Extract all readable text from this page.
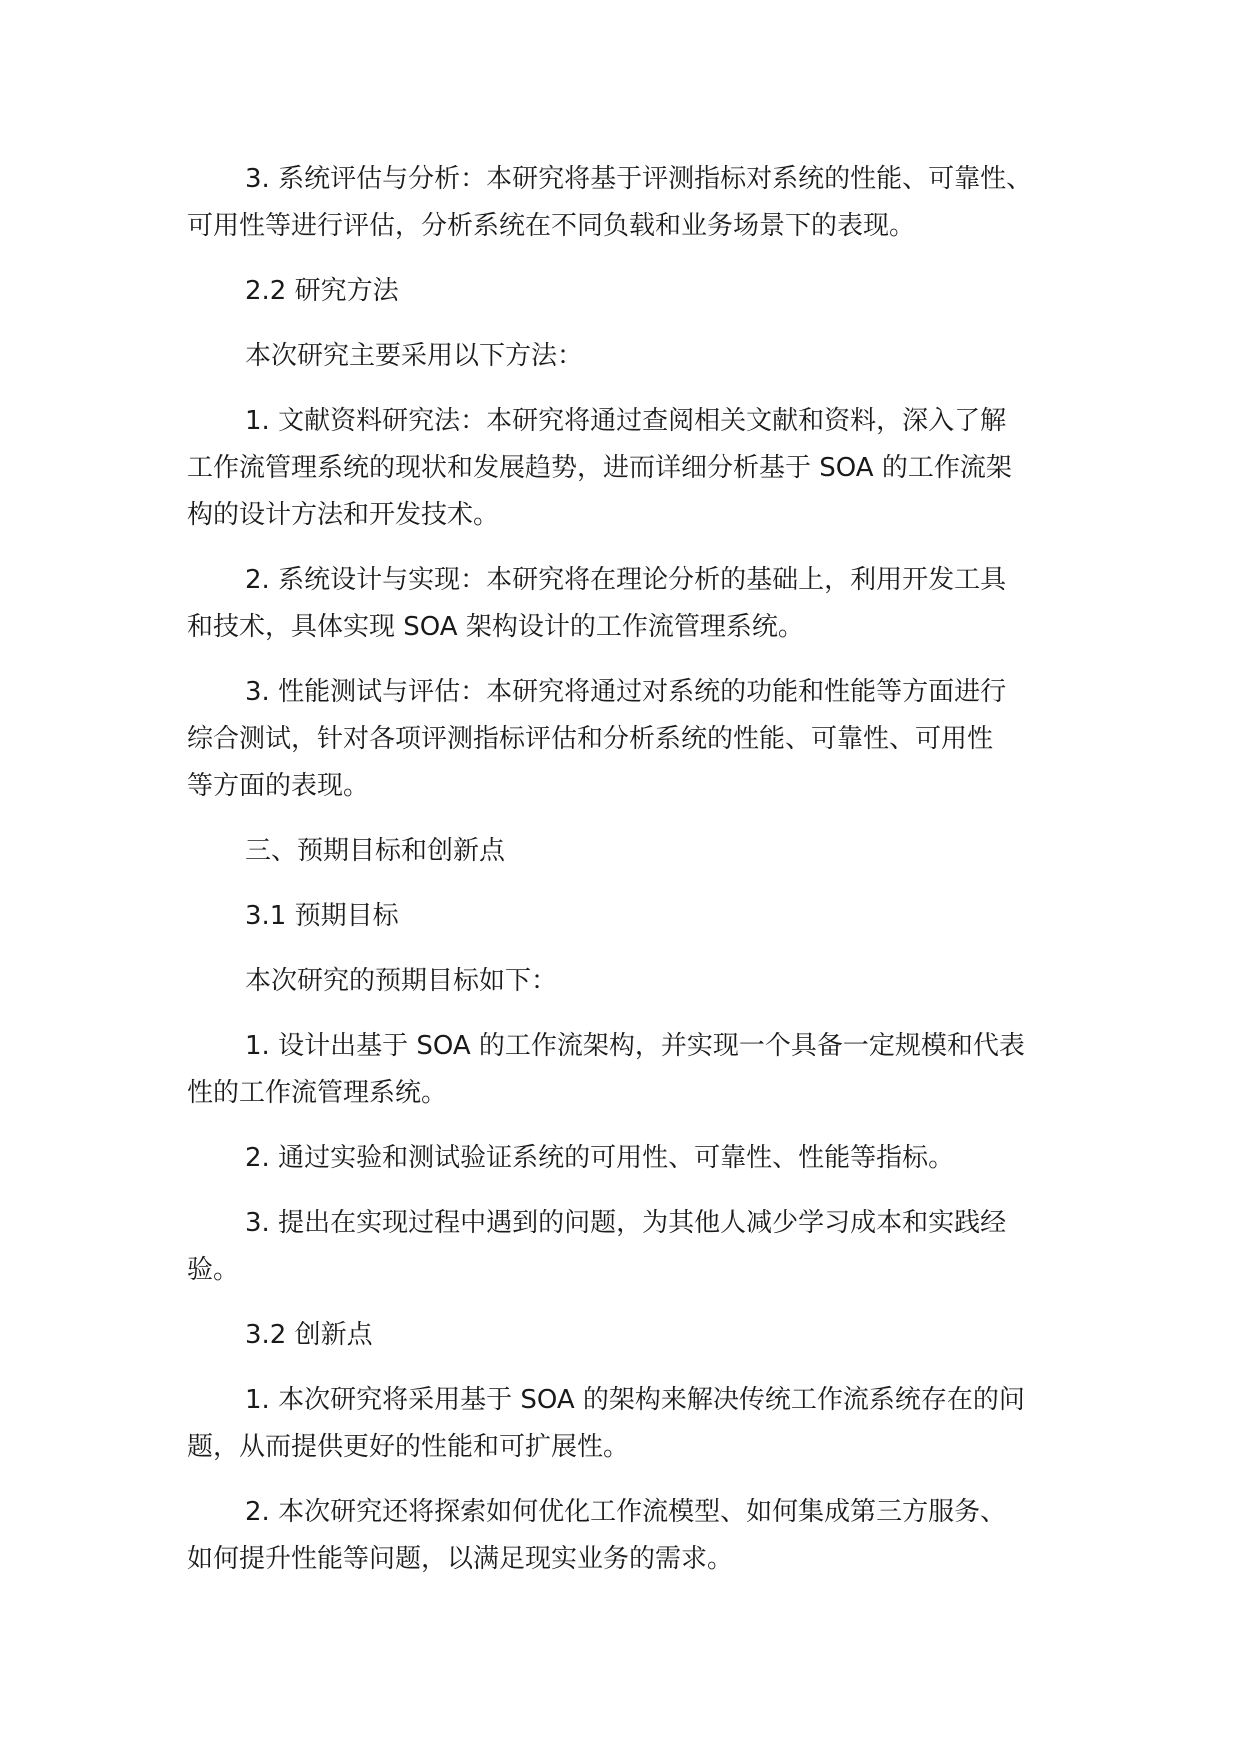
3. 系统评估与分析：本研究将基于评测指标对系统的性能、可靠性、
可用性等进行评估，分析系统在不同负载和业务场景下的表现。

2.2 研究方法

本次研究主要采用以下方法：

1. 文献资料研究法：本研究将通过查阅相关文献和资料，深入了解
工作流管理系统的现状和发展趋势，进而详细分析基于 SOA 的工作流架
构的设计方法和开发技术。

2. 系统设计与实现：本研究将在理论分析的基础上，利用开发工具
和技术，具体实现 SOA 架构设计的工作流管理系统。

3. 性能测试与评估：本研究将通过对系统的功能和性能等方面进行
综合测试，针对各项评测指标评估和分析系统的性能、可靠性、可用性
等方面的表现。

三、预期目标和创新点

3.1 预期目标

本次研究的预期目标如下：

1. 设计出基于 SOA 的工作流架构，并实现一个具备一定规模和代表
性的工作流管理系统。

2. 通过实验和测试验证系统的可用性、可靠性、性能等指标。

3. 提出在实现过程中遇到的问题，为其他人减少学习成本和实践经
验。

3.2 创新点

1. 本次研究将采用基于 SOA 的架构来解决传统工作流系统存在的问
题，从而提供更好的性能和可扩展性。

2. 本次研究还将探索如何优化工作流模型、如何集成第三方服务、
如何提升性能等问题，以满足现实业务的需求。
